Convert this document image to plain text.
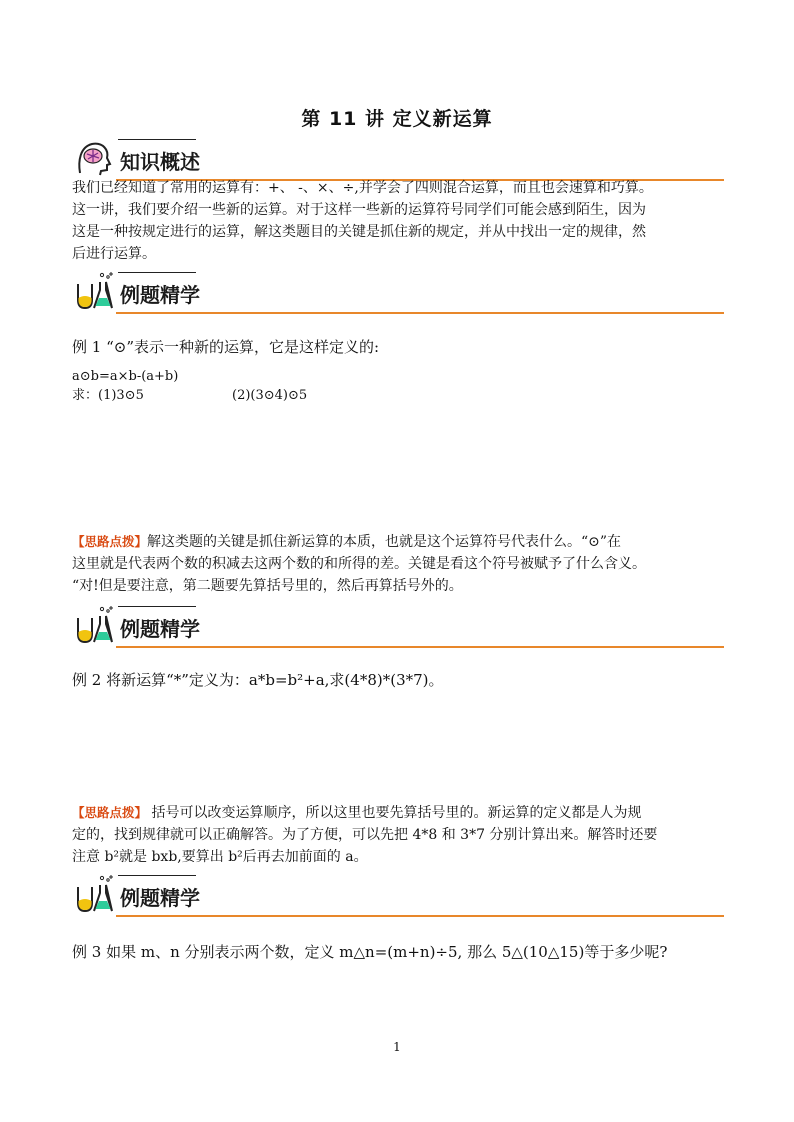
第 11 讲 定义新运算
知识概述

我们已经知道了常用的运算有：+、 -、×、÷,并学会了四则混合运算，而且也会速算和巧算。

这一讲，我们要介绍一些新的运算。对于这样一些新的运算符号同学们可能会感到陌生，因为

这是一种按规定进行的运算，解这类题目的关键是抓住新的规定，并从中找出一定的规律，然

后进行运算。

例题精学
例 1 “⊙”表示一种新的运算，它是这样定义的:
a⊙b=a×b-(a+b)
求：(1)3⊙5	(2)(3⊙4)⊙5

【思路点拨】解这类题的关键是抓住新运算的本质，也就是这个运算符号代表什么。“⊙”在

这里就是代表两个数的积减去这两个数的和所得的差。关键是看这个符号被赋予了什么含义。

“对!但是要注意，第二题要先算括号里的，然后再算括号外的。

例题精学
例 2 将新运算“*”定义为：a*b=b²+a,求(4*8)*(3*7)。

【思路点拨】 括号可以改变运算顺序，所以这里也要先算括号里的。新运算的定义都是人为规

定的，找到规律就可以正确解答。为了方便，可以先把 4*8 和 3*7 分别计算出来。解答时还要

注意 b²就是 bxb,要算出 b²后再去加前面的 a。

例题精学
例 3 如果 m、n 分别表示两个数，定义 m△n=(m+n)÷5, 那么 5△(10△15)等于多少呢?
1
